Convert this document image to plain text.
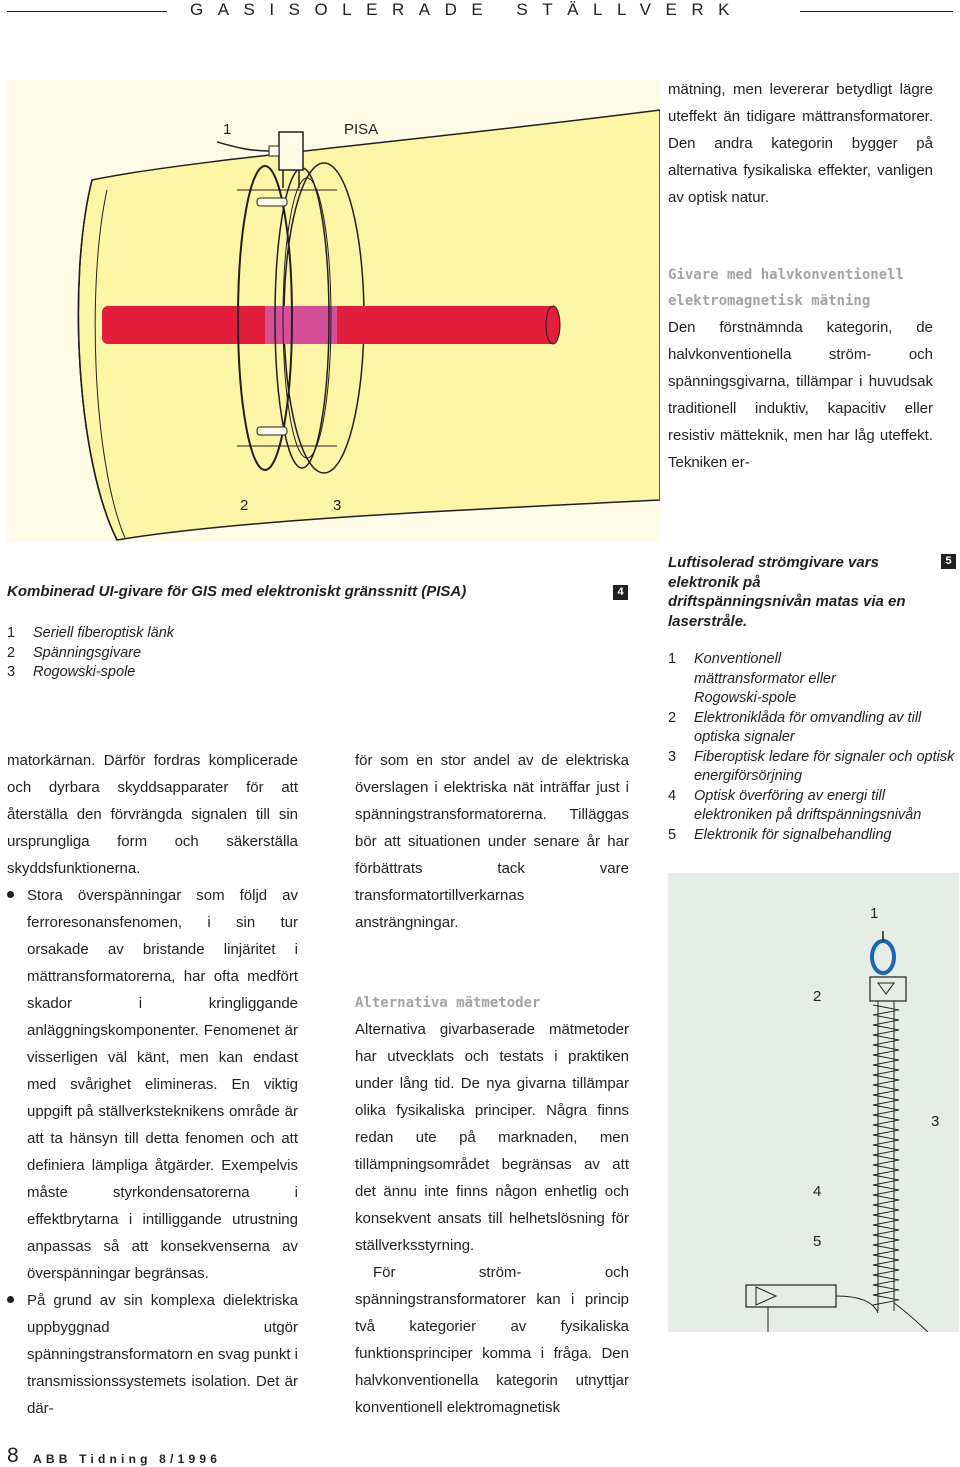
GASISOLERADE STÄLLVERK
1	PISA
2	3

mätning, men levererar betydligt lägre uteffekt än tidigare mättransformatorer. Den andra kategorin bygger på alternativa fysikaliska effekter, vanligen av optisk natur.

Givare med halvkonventionell
elektromagnetisk mätning

Den förstnämnda kategorin, de halvkonventionella ström- och spänningsgivarna, tillämpar i huvudsak traditionell induktiv, kapacitiv eller resistiv mätteknik, men har låg uteffekt. Tekniken er-

Kombinerad UI-givare för GIS med elektroniskt gränssnitt (PISA)
1	Seriell fiberoptisk länk
2	Spänningsgivare
3	Rogowski-spole
4
Luftisolerad strömgivare vars elektronik på driftspänningsnivån matas via en laserstråle.
1	Konventionell mättransformator eller Rogowski-spole
2	Elektroniklåda för omvandling av till optiska signaler
3	Fiberoptisk ledare för signaler och optisk energiförsörjning
4	Optisk överföring av energi till elektroniken på driftspänningsnivån
5	Elektronik för signalbehandling
5

matorkärnan. Därför fordras komplicerade och dyrbara skyddsapparater för att återställa den förvrängda signalen till sin ursprungliga form och säkerställa skyddsfunktionerna.

Stora överspänningar som följd av ferroresonansfenomen, i sin tur orsakade av bristande linjäritet i mättransformatorerna, har ofta medfört skador i kringliggande anläggningskomponenter. Fenomenet är visserligen väl känt, men kan endast med svårighet elimineras. En viktig uppgift på ställverksteknikens område är att ta hänsyn till detta fenomen och att definiera lämpliga åtgärder. Exempelvis måste styrkondensatorerna i effektbrytarna i intilliggande utrustning anpassas så att konsekvenserna av överspänningar begränsas.

På grund av sin komplexa dielektriska uppbyggnad utgör spänningstransformatorn en svag punkt i transmissionssystemets isolation. Det är där-

för som en stor andel av de elektriska överslagen i elektriska nät inträffar just i spänningstransformatorerna. Tilläggas bör att situationen under senare år har förbättrats tack vare transformatortillverkarnas ansträngningar.

Alternativa mätmetoder

Alternativa givarbaserade mätmetoder har utvecklats och testats i praktiken under lång tid. De nya givarna tillämpar olika fysikaliska principer. Några finns redan ute på marknaden, men tillämpningsområdet begränsas av att det ännu inte finns någon enhetlig och konsekvent ansats till helhetslösning för ställverksstyrning.

För ström- och spänningstransformatorer kan i princip två kategorier av fysikaliska funktionsprinciper komma i fråga. Den halvkonventionella kategorin utnyttjar konventionell elektromagnetisk

1
2
3
4
5
8 ABB Tidning 8/1996
